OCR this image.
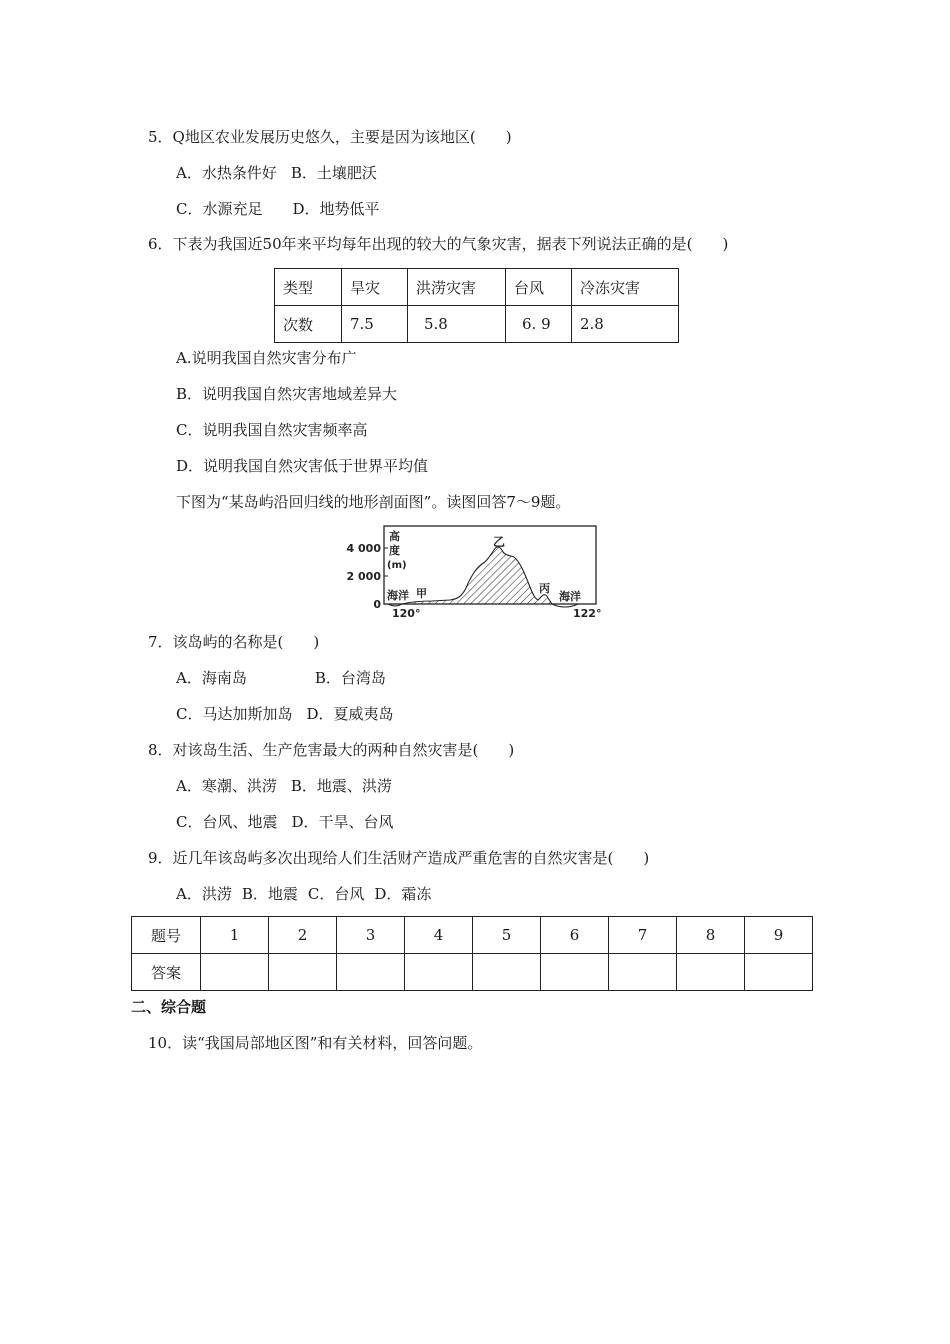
5．Q地区农业发展历史悠久，主要是因为该地区(　　)
A．水热条件好 B．土壤肥沃
C．水源充足 D．地势低平
6．下表为我国近50年来平均每年出现的较大的气象灾害，据表下列说法正确的是(　　)
类型	旱灾	洪涝灾害	台风	冷冻灾害
次数	7.5	5.8	6. 9	2.8
A.说明我国自然灾害分布广
B．说明我国自然灾害地域差异大
C．说明我国自然灾害频率高
D．说明我国自然灾害低于世界平均值
下图为“某岛屿沿回归线的地形剖面图”。读图回答7～9题。
4 000
2 000
0
高
度
(m)
海洋 甲
乙
丙
海洋
120°	122°
7．该岛屿的名称是(　　)
A．海南岛	B．台湾岛
C．马达加斯加岛 D．夏威夷岛
8．对该岛生活、生产危害最大的两种自然灾害是(　　)
A．寒潮、洪涝 B．地震、洪涝
C．台风、地震 D．干旱、台风
9．近几年该岛屿多次出现给人们生活财产造成严重危害的自然灾害是(　　)
A．洪涝 B．地震 C．台风 D．霜冻
题号	1	2	3	4	5	6	7	8	9
答案									
二、综合题
10．读“我国局部地区图”和有关材料，回答问题。
